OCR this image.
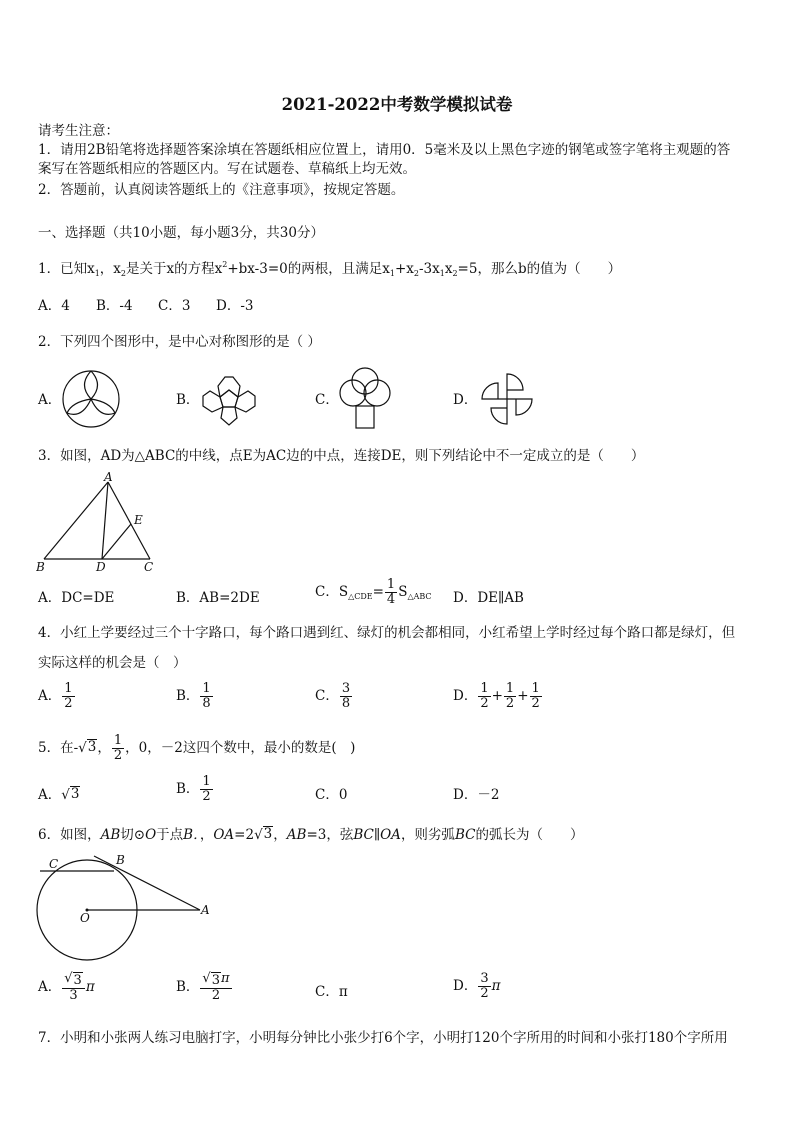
2021-2022中考数学模拟试卷
请考生注意：
1．请用2B铅笔将选择题答案涂填在答题纸相应位置上，请用0．5毫米及以上黑色字迹的钢笔或签字笔将主观题的答
案写在答题纸相应的答题区内。写在试题卷、草稿纸上均无效。
2．答题前，认真阅读答题纸上的《注意事项》，按规定答题。
一、选择题（共10小题，每小题3分，共30分）
1．已知$x_1$，$x_2$是关于x的方程$x^2+bx-3=0$的两根，且满足$x_1+x_2-3x_1x_2=5$，那么b的值为（　　）
A．4 B．-4 C．3 D．-3
2．下列四个图形中，是中心对称图形的是（ ）
A．	B．	C．	D．
3．如图，AD为△ABC的中线，点E为AC边的中点，连接DE，则下列结论中不一定成立的是（　　）
A
B	D	C
E
A．DC=DE	B．AB=2DE	C．$S_{\triangle CDE}= \frac{1}{4} S_{\triangle ABC}$ D．DE∥AB
4．小红上学要经过三个十字路口，每个路口遇到红、绿灯的机会都相同，小红希望上学时经过每个路口都是绿灯，但
实际这样的机会是（　）
A． $\frac{1}{2}$	B． $\frac{1}{8}$	C． $\frac{3}{8}$	D． $\frac{1}{2} + \frac{1}{2} + \frac{1}{2}$
5．在-√ 3 ， $\frac{1}{2}$ ，0，－2这四个数中，最小的数是(　)
A．√ 3	B． $\frac{1}{2}$	C．0	D．－2
6．如图，AB切⊙O于点B．，OA=2√ 3 ，AB=3，弦BC∥OA，则劣弧BC的弧长为（　　）
C	B
O
A
A． $\frac{√ 3}{3}$ π	B． $\frac{√ 3 \pi}{2}$	C．π	D． $\frac{3}{2}$ π
7．小明和小张两人练习电脑打字，小明每分钟比小张少打6个字，小明打120个字所用的时间和小张打180个字所用
